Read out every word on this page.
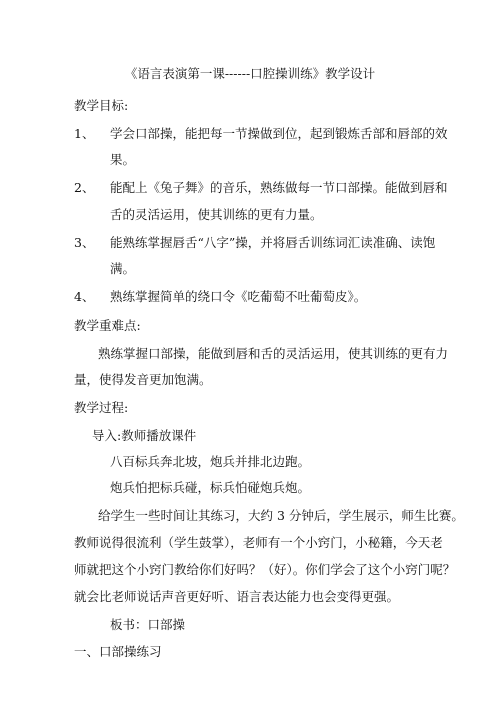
《语言表演第一课------口腔操训练》教学设计
教学目标:
1、 学会口部操，能把每一节操做到位，起到锻炼舌部和唇部的效
果。
2、 能配上《兔子舞》的音乐，熟练做每一节口部操。能做到唇和
舌的灵活运用，使其训练的更有力量。
3、 能熟练掌握唇舌“八字”操，并将唇舌训练词汇读准确、读饱
满。
4、 熟练掌握简单的绕口令《吃葡萄不吐葡萄皮》。
教学重难点:
熟练掌握口部操，能做到唇和舌的灵活运用，使其训练的更有力
量，使得发音更加饱满。
教学过程:
导入:教师播放课件
八百标兵奔北坡，炮兵并排北边跑。
炮兵怕把标兵碰，标兵怕碰炮兵炮。
给学生一些时间让其练习，大约 3 分钟后，学生展示，师生比赛。
教师说得很流利（学生鼓掌），老师有一个小窍门，小秘籍，今天老
师就把这个小窍门教给你们好吗？（好）。你们学会了这个小窍门呢？
就会比老师说话声音更好听、语言表达能力也会变得更强。
板书：口部操
一、口部操练习
